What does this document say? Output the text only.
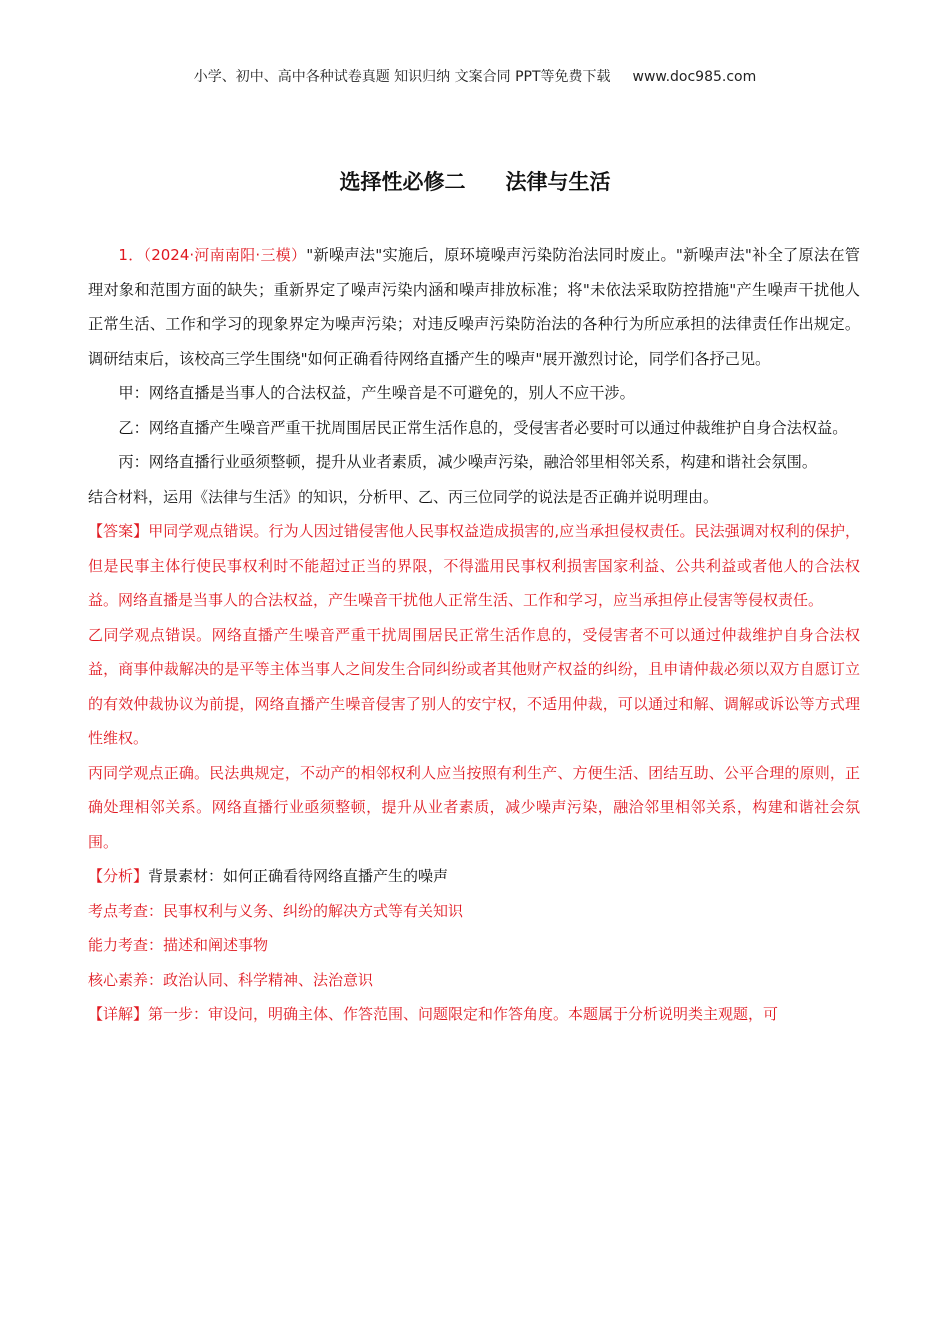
小学、初中、高中各种试卷真题 知识归纳 文案合同 PPT等免费下载 www.doc985.com
选择性必修二 法律与生活

1．（2024·河南南阳·三模）"新噪声法"实施后，原环境噪声污染防治法同时废止。"新噪声法"补全了原法在管理对象和范围方面的缺失；重新界定了噪声污染内涵和噪声排放标准；将"未依法采取防控措施"产生噪声干扰他人正常生活、工作和学习的现象界定为噪声污染；对违反噪声污染防治法的各种行为所应承担的法律责任作出规定。调研结束后，该校高三学生围绕"如何正确看待网络直播产生的噪声"展开激烈讨论，同学们各抒己见。

甲：网络直播是当事人的合法权益，产生噪音是不可避免的，别人不应干涉。

乙：网络直播产生噪音严重干扰周围居民正常生活作息的，受侵害者必要时可以通过仲裁维护自身合法权益。

丙：网络直播行业亟须整顿，提升从业者素质，减少噪声污染，融洽邻里相邻关系，构建和谐社会氛围。

结合材料，运用《法律与生活》的知识，分析甲、乙、丙三位同学的说法是否正确并说明理由。

【答案】甲同学观点错误。行为人因过错侵害他人民事权益造成损害的,应当承担侵权责任。民法强调对权利的保护，但是民事主体行使民事权利时不能超过正当的界限，不得滥用民事权利损害国家利益、公共利益或者他人的合法权益。网络直播是当事人的合法权益，产生噪音干扰他人正常生活、工作和学习，应当承担停止侵害等侵权责任。

乙同学观点错误。网络直播产生噪音严重干扰周围居民正常生活作息的，受侵害者不可以通过仲裁维护自身合法权益，商事仲裁解决的是平等主体当事人之间发生合同纠纷或者其他财产权益的纠纷，且申请仲裁必须以双方自愿订立的有效仲裁协议为前提，网络直播产生噪音侵害了别人的安宁权，不适用仲裁，可以通过和解、调解或诉讼等方式理性维权。

丙同学观点正确。民法典规定，不动产的相邻权利人应当按照有利生产、方便生活、团结互助、公平合理的原则，正确处理相邻关系。网络直播行业亟须整顿，提升从业者素质，减少噪声污染，融洽邻里相邻关系，构建和谐社会氛围。

【分析】背景素材：如何正确看待网络直播产生的噪声

考点考查：民事权利与义务、纠纷的解决方式等有关知识

能力考查：描述和阐述事物

核心素养：政治认同、科学精神、法治意识

【详解】第一步：审设问，明确主体、作答范围、问题限定和作答角度。本题属于分析说明类主观题，可
